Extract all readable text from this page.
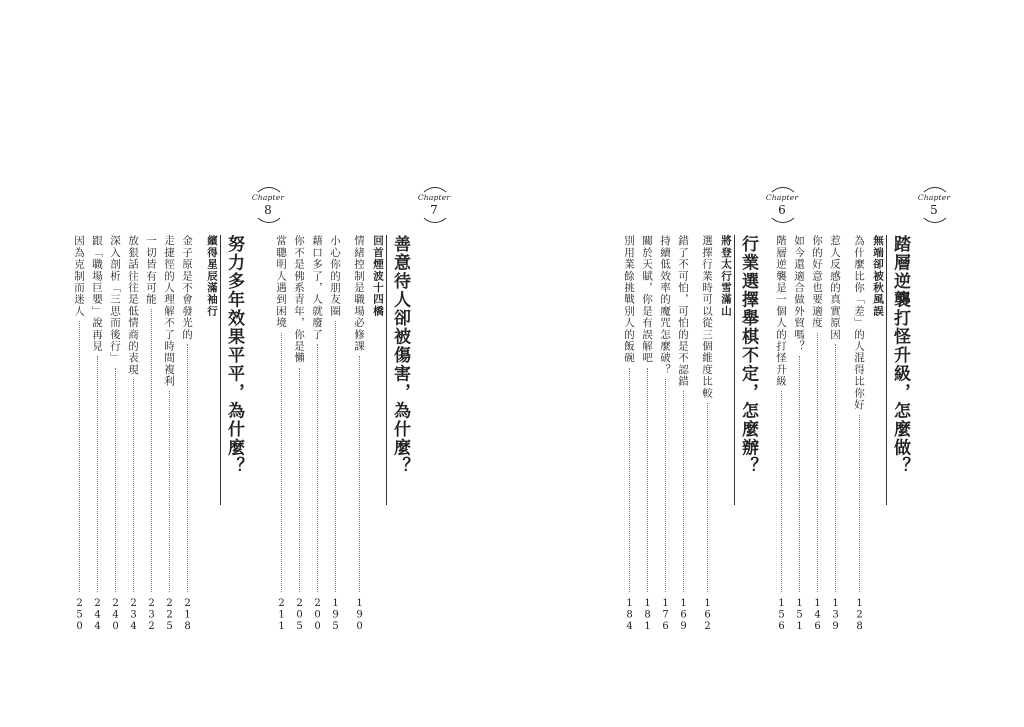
Chapter
8
努力多年效果平平，為什麼？
繽得星辰滿袖行
金子原是不會發光的
218
走捷徑的人理解不了時間複利
225
一切皆有可能
232
放狠話往往是低情商的表現
234
深入剖析「三思而後行」
240
跟「職場巨嬰」說再見
244
因為克制而迷人
250
Chapter
7
善意待人卻被傷害，為什麼？
回首煙波十四橋
情緒控制是職場必修課
190
小心你的朋友圈
195
藉口多了，人就廢了
200
你不是佛系青年，你是懶
205
當聰明人遇到困境
211
Chapter
6
行業選擇舉棋不定，怎麼辦？
將登太行雪滿山
選擇行業時可以從三個維度比較
162
錯了不可怕，可怕的是不認錯
169
持續低效率的魔咒怎麼破？
176
關於天賦，你是有誤解吧
181
別用業餘挑戰別人的飯碗
184
Chapter
5
踏層逆襲打怪升級，怎麼做？
無端卻被秋風誤
為什麼比你「差」的人混得比你好
128
惹人反感的真實原因
139
你的好意也要適度
146
如今還適合做外貿嗎？
151
階層逆襲是一個人的打怪升級
156
